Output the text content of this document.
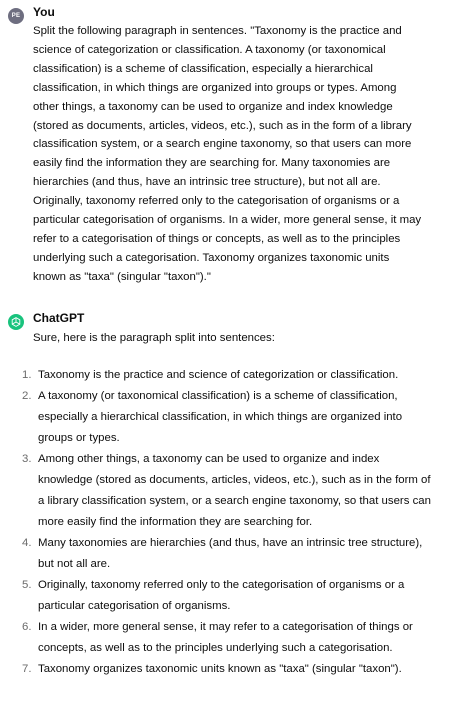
PE You

Split the following paragraph in sentences. "Taxonomy is the practice and science of categorization or classification. A taxonomy (or taxonomical classification) is a scheme of classification, especially a hierarchical classification, in which things are organized into groups or types. Among other things, a taxonomy can be used to organize and index knowledge (stored as documents, articles, videos, etc.), such as in the form of a library classification system, or a search engine taxonomy, so that users can more easily find the information they are searching for. Many taxonomies are hierarchies (and thus, have an intrinsic tree structure), but not all are. Originally, taxonomy referred only to the categorisation of organisms or a particular categorisation of organisms. In a wider, more general sense, it may refer to a categorisation of things or concepts, as well as to the principles underlying such a categorisation. Taxonomy organizes taxonomic units known as "taxa" (singular "taxon")."

ChatGPT

Sure, here is the paragraph split into sentences:

1. Taxonomy is the practice and science of categorization or classification.
2. A taxonomy (or taxonomical classification) is a scheme of classification, especially a hierarchical classification, in which things are organized into groups or types.
3. Among other things, a taxonomy can be used to organize and index knowledge (stored as documents, articles, videos, etc.), such as in the form of a library classification system, or a search engine taxonomy, so that users can more easily find the information they are searching for.
4. Many taxonomies are hierarchies (and thus, have an intrinsic tree structure), but not all are.
5. Originally, taxonomy referred only to the categorisation of organisms or a particular categorisation of organisms.
6. In a wider, more general sense, it may refer to a categorisation of things or concepts, as well as to the principles underlying such a categorisation.
7. Taxonomy organizes taxonomic units known as "taxa" (singular "taxon").
